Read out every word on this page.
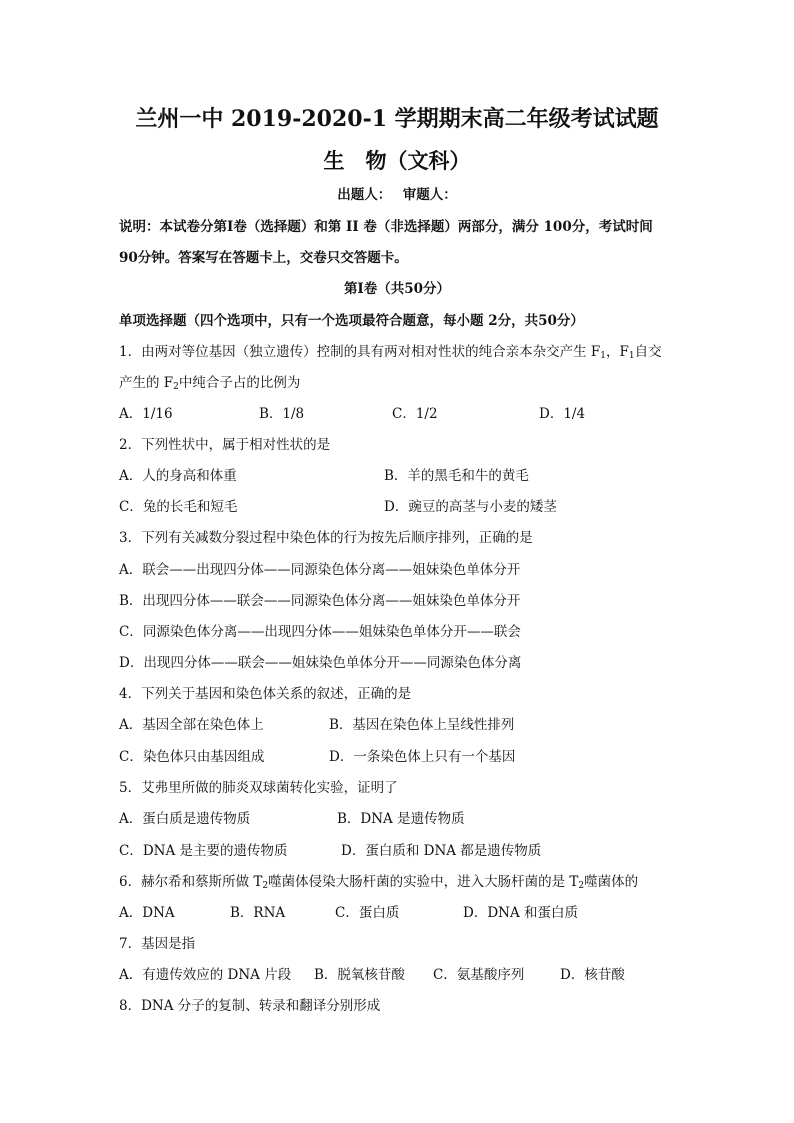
兰州一中 2019-2020-1 学期期末高二年级考试试题
生　物（文科）
出题人：　 审题人：
说明：本试卷分第Ⅰ卷（选择题）和第 II 卷（非选择题）两部分，满分 100分，考试时间
90分钟。答案写在答题卡上，交卷只交答题卡。
第Ⅰ卷（共50分）
单项选择题（四个选项中，只有一个选项最符合题意，每小题 2分，共50分）
1．由两对等位基因（独立遗传）控制的具有两对相对性状的纯合亲本杂交产生 $F_1$，$F_1$自交
产生的 $F_2$中纯合子占的比例为
A．1/16	B．1/8	C．1/2	D．1/4
2．下列性状中，属于相对性状的是
A．人的身高和体重	B．羊的黑毛和牛的黄毛
C．兔的长毛和短毛	D．豌豆的高茎与小麦的矮茎
3．下列有关减数分裂过程中染色体的行为按先后顺序排列，正确的是
A．联会——出现四分体——同源染色体分离——姐妹染色单体分开
B．出现四分体——联会——同源染色体分离——姐妹染色单体分开
C．同源染色体分离——出现四分体——姐妹染色单体分开——联会
D．出现四分体——联会——姐妹染色单体分开——同源染色体分离
4．下列关于基因和染色体关系的叙述，正确的是
A．基因全部在染色体上	B．基因在染色体上呈线性排列
C．染色体只由基因组成	D．一条染色体上只有一个基因
5．艾弗里所做的肺炎双球菌转化实验，证明了
A．蛋白质是遗传物质	B．DNA 是遗传物质
C．DNA 是主要的遗传物质	D．蛋白质和 DNA 都是遗传物质
6．赫尔希和蔡斯所做 $T_2$噬菌体侵染大肠杆菌的实验中，进入大肠杆菌的是 $T_2$噬菌体的
A．DNA	B．RNA	C．蛋白质	D．DNA 和蛋白质
7．基因是指
A．有遗传效应的 DNA 片段 B．脱氧核苷酸 C．氨基酸序列	D．核苷酸
8．DNA 分子的复制、转录和翻译分别形成
